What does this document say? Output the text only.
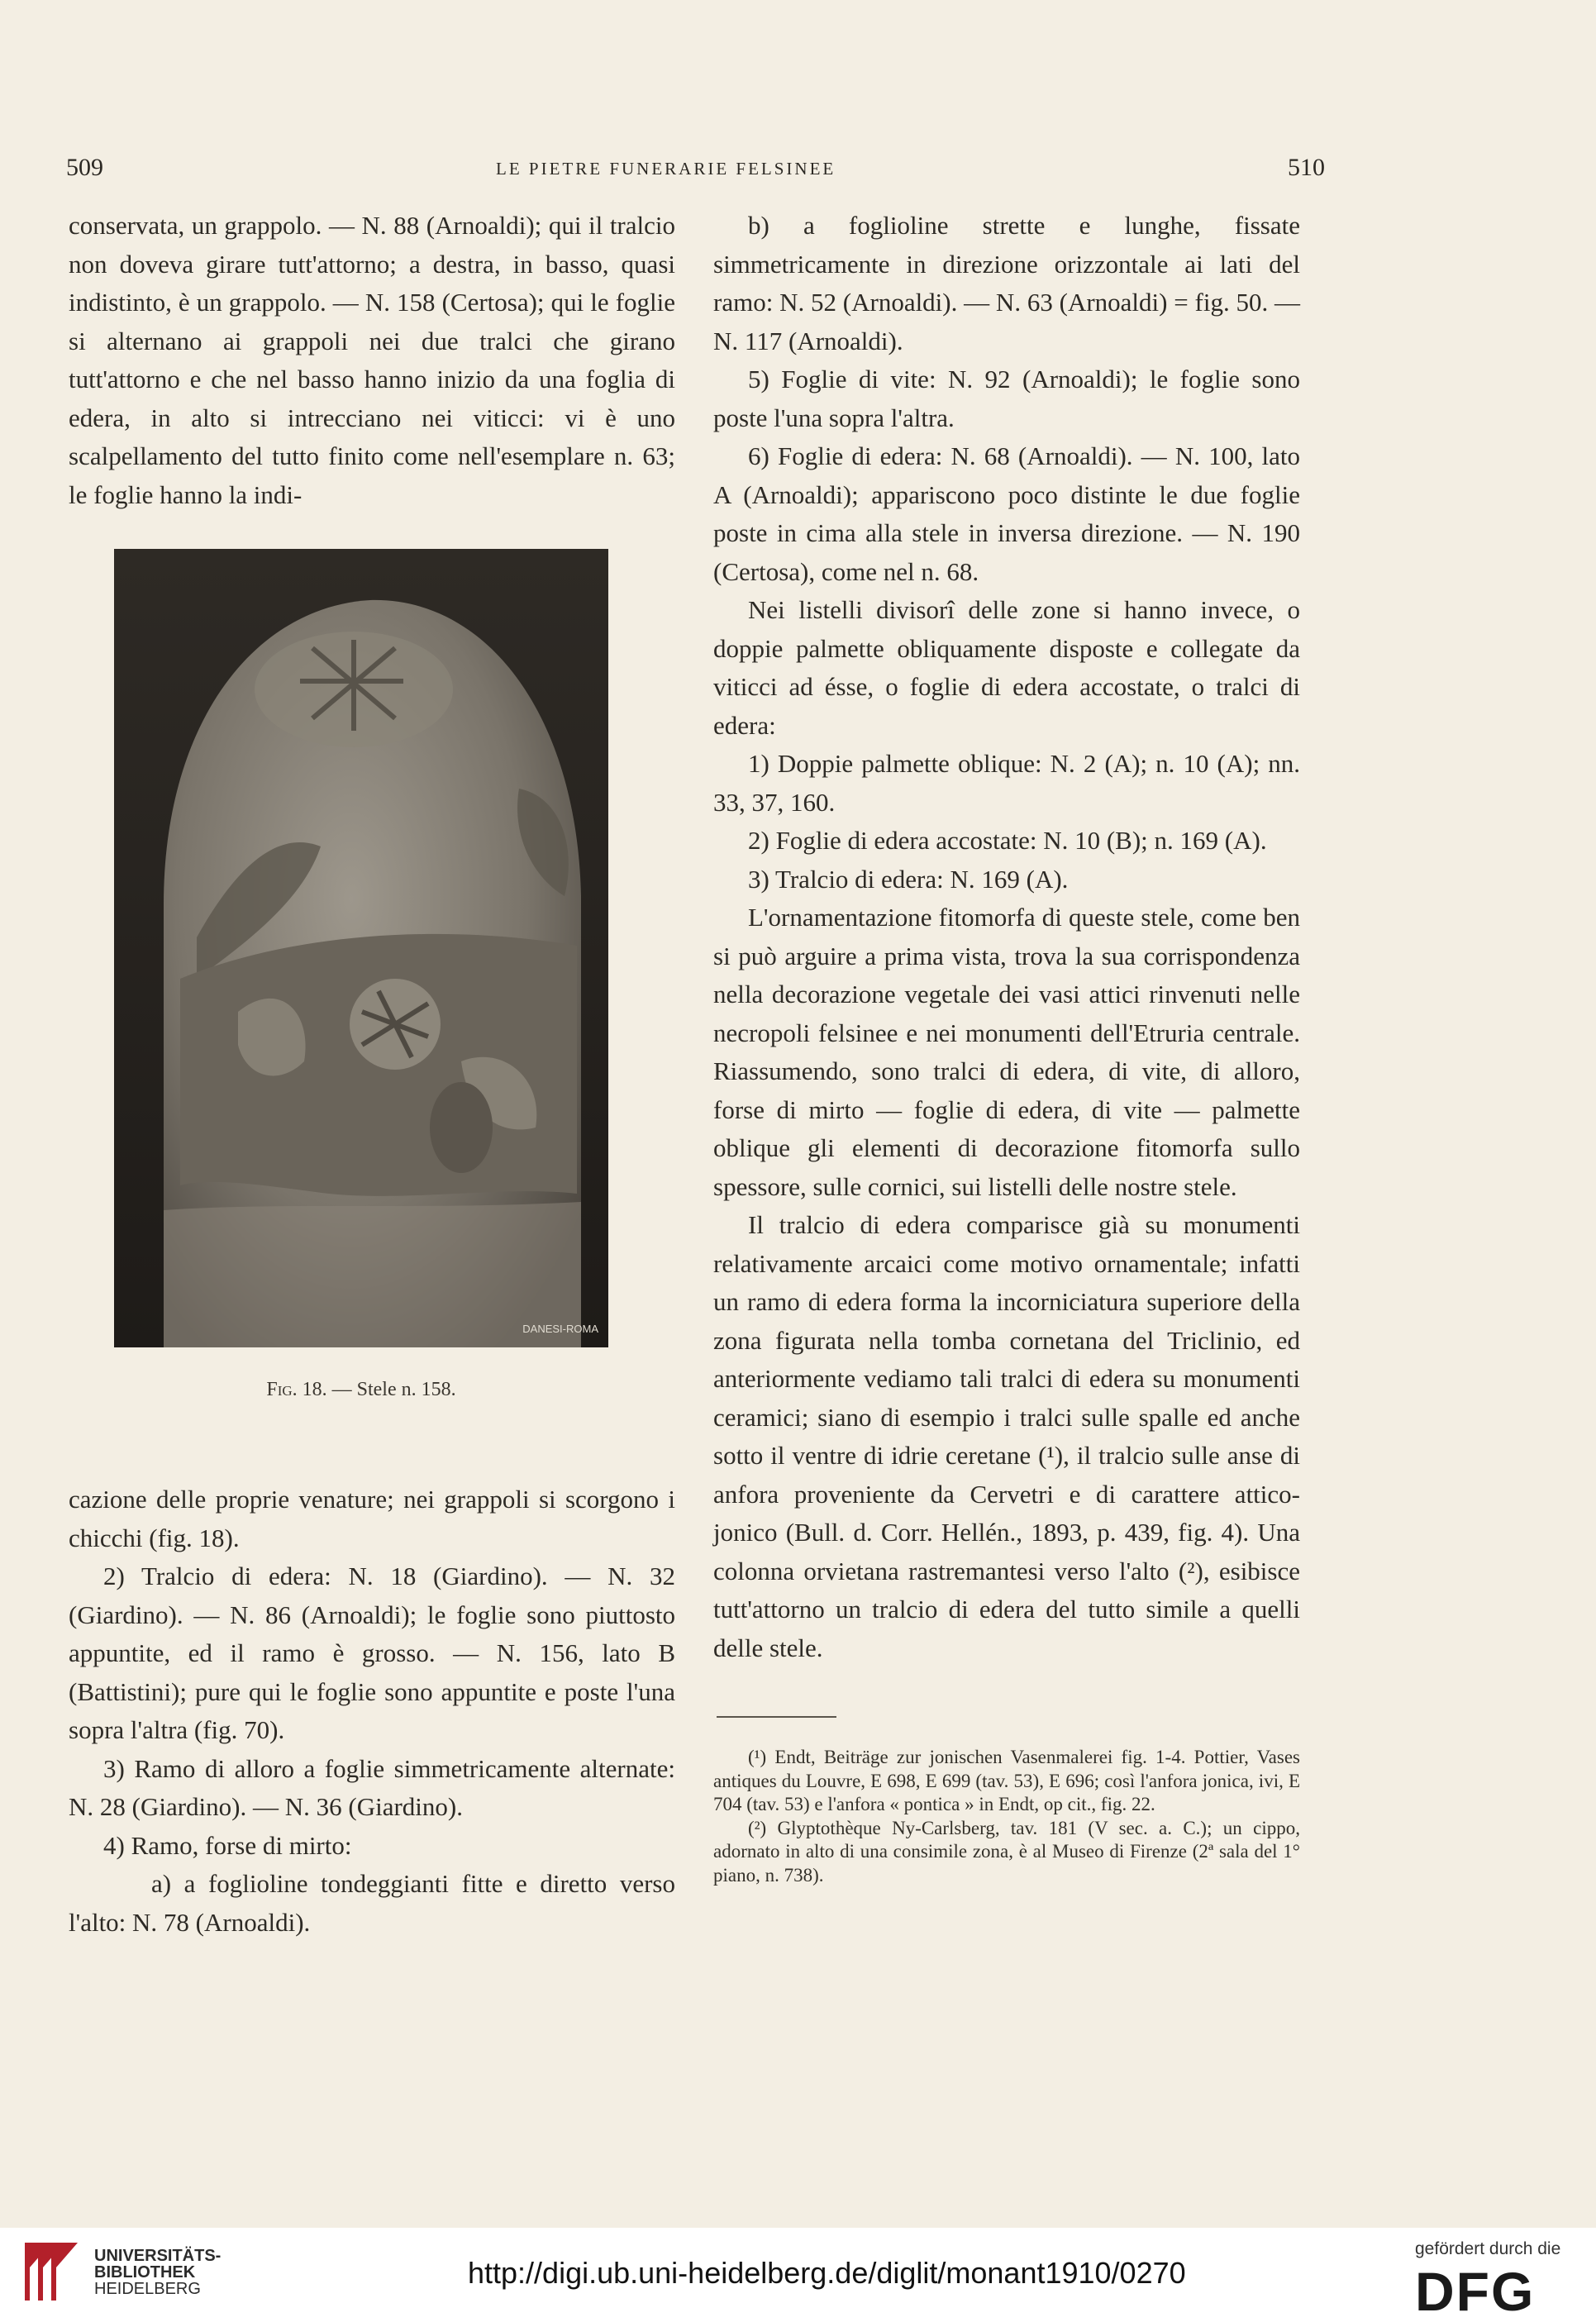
509	LE PIETRE FUNERARIE FELSINEE	510

conservata, un grappolo. — N. 88 (Arnoaldi); qui il tralcio non doveva girare tutt'attorno; a destra, in basso, quasi indistinto, è un grappolo. — N. 158 (Certosa); qui le foglie si alternano ai grappoli nei due tralci che girano tutt'attorno e che nel basso hanno inizio da una foglia di edera, in alto si intrecciano nei viticci: vi è uno scalpellamento del tutto finito come nell'esemplare n. 63; le foglie hanno la indi-

DANESI-ROMA
Fig. 18. — Stele n. 158.

cazione delle proprie venature; nei grappoli si scorgono i chicchi (fig. 18).

2) Tralcio di edera: N. 18 (Giardino). — N. 32 (Giardino). — N. 86 (Arnoaldi); le foglie sono piuttosto appuntite, ed il ramo è grosso. — N. 156, lato B (Battistini); pure qui le foglie sono appuntite e poste l'una sopra l'altra (fig. 70).

3) Ramo di alloro a foglie simmetricamente alternate: N. 28 (Giardino). — N. 36 (Giardino).

4) Ramo, forse di mirto:

a) a foglioline tondeggianti fitte e diretto verso l'alto: N. 78 (Arnoaldi).

b) a foglioline strette e lunghe, fissate simmetricamente in direzione orizzontale ai lati del ramo: N. 52 (Arnoaldi). — N. 63 (Arnoaldi) = fig. 50. — N. 117 (Arnoaldi).

5) Foglie di vite: N. 92 (Arnoaldi); le foglie sono poste l'una sopra l'altra.

6) Foglie di edera: N. 68 (Arnoaldi). — N. 100, lato A (Arnoaldi); appariscono poco distinte le due foglie poste in cima alla stele in inversa direzione. — N. 190 (Certosa), come nel n. 68.

Nei listelli divisorî delle zone si hanno invece, o doppie palmette obliquamente disposte e collegate da viticci ad ésse, o foglie di edera accostate, o tralci di edera:

1) Doppie palmette oblique: N. 2 (A); n. 10 (A); nn. 33, 37, 160.

2) Foglie di edera accostate: N. 10 (B); n. 169 (A).

3) Tralcio di edera: N. 169 (A).

L'ornamentazione fitomorfa di queste stele, come ben si può arguire a prima vista, trova la sua corrispondenza nella decorazione vegetale dei vasi attici rinvenuti nelle necropoli felsinee e nei monumenti dell'Etruria centrale. Riassumendo, sono tralci di edera, di vite, di alloro, forse di mirto — foglie di edera, di vite — palmette oblique gli elementi di decorazione fitomorfa sullo spessore, sulle cornici, sui listelli delle nostre stele.

Il tralcio di edera comparisce già su monumenti relativamente arcaici come motivo ornamentale; infatti un ramo di edera forma la incorniciatura superiore della zona figurata nella tomba cornetana del Triclinio, ed anteriormente vediamo tali tralci di edera su monumenti ceramici; siano di esempio i tralci sulle spalle ed anche sotto il ventre di idrie ceretane (¹), il tralcio sulle anse di anfora proveniente da Cervetri e di carattere attico-jonico (Bull. d. Corr. Hellén., 1893, p. 439, fig. 4). Una colonna orvietana rastremantesi verso l'alto (²), esibisce tutt'attorno un tralcio di edera del tutto simile a quelli delle stele.

(¹) Endt, Beiträge zur jonischen Vasenmalerei fig. 1-4. Pottier, Vases antiques du Louvre, E 698, E 699 (tav. 53), E 696; così l'anfora jonica, ivi, E 704 (tav. 53) e l'anfora « pontica » in Endt, op cit., fig. 22.

(²) Glyptothèque Ny-Carlsberg, tav. 181 (V sec. a. C.); un cippo, adornato in alto di una consimile zona, è al Museo di Firenze (2ª sala del 1° piano, n. 738).

UNIVERSITÄTS-
BIBLIOTHEK
HEIDELBERG	http://digi.ub.uni-heidelberg.de/diglit/monant1910/0270
gefördert durch die
DFG
